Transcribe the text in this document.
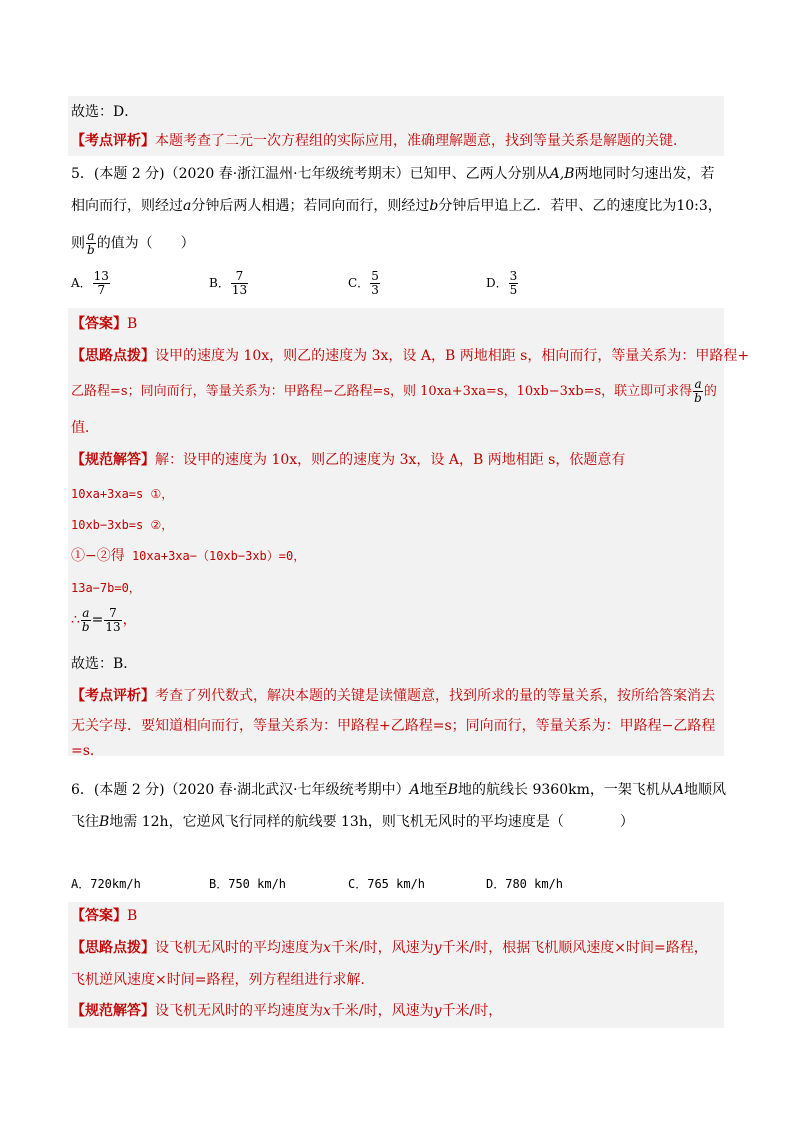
故选：D．
【考点评析】本题考查了二元一次方程组的实际应用，准确理解题意，找到等量关系是解题的关键．
5．(本题 2 分)（2020 春·浙江温州·七年级统考期末）已知甲、乙两人分别从A,B两地同时匀速出发，若
相向而行，则经过a分钟后两人相遇；若同向而行，则经过b分钟后甲追上乙．若甲、乙的速度比为10:3，
则 $\frac{a}{b}$ 的值为（　　）
A． $\frac{13}{7}$	B． $\frac{7}{13}$	C． $\frac{5}{3}$	D． $\frac{3}{5}$
【答案】B
【思路点拨】设甲的速度为 10x，则乙的速度为 3x，设 A，B 两地相距 s，相向而行，等量关系为：甲路程+
乙路程=s；同向而行，等量关系为：甲路程−乙路程=s，则 10xa+3xa=s，10xb−3xb=s，联立即可求得 $\frac{a}{b}$ 的
值．
【规范解答】解：设甲的速度为 10x，则乙的速度为 3x，设 A，B 两地相距 s，依题意有
10xa+3xa=s ①，
10xb−3xb=s ②，
①−②得 10xa+3xa−（10xb−3xb）=0，
13a−7b=0，
∴ $\frac{a}{b} = \frac{7}{13}$ ，
故选：B．
【考点评析】考查了列代数式，解决本题的关键是读懂题意，找到所求的量的等量关系，按所给答案消去
无关字母．要知道相向而行，等量关系为：甲路程+乙路程=s；同向而行，等量关系为：甲路程−乙路程
=s．
6．(本题 2 分)（2020 春·湖北武汉·七年级统考期中）A地至B地的航线长 9360km，一架飞机从A地顺风
飞往B地需 12h，它逆风飞行同样的航线要 13h，则飞机无风时的平均速度是（　　　　）
A．720km/h	B．750 km/h	C．765 km/h	D．780 km/h
【答案】B
【思路点拨】设飞机无风时的平均速度为x千米/时，风速为y千米/时，根据飞机顺风速度×时间=路程，
飞机逆风速度×时间=路程，列方程组进行求解．
【规范解答】设飞机无风时的平均速度为x千米/时，风速为y千米/时，
